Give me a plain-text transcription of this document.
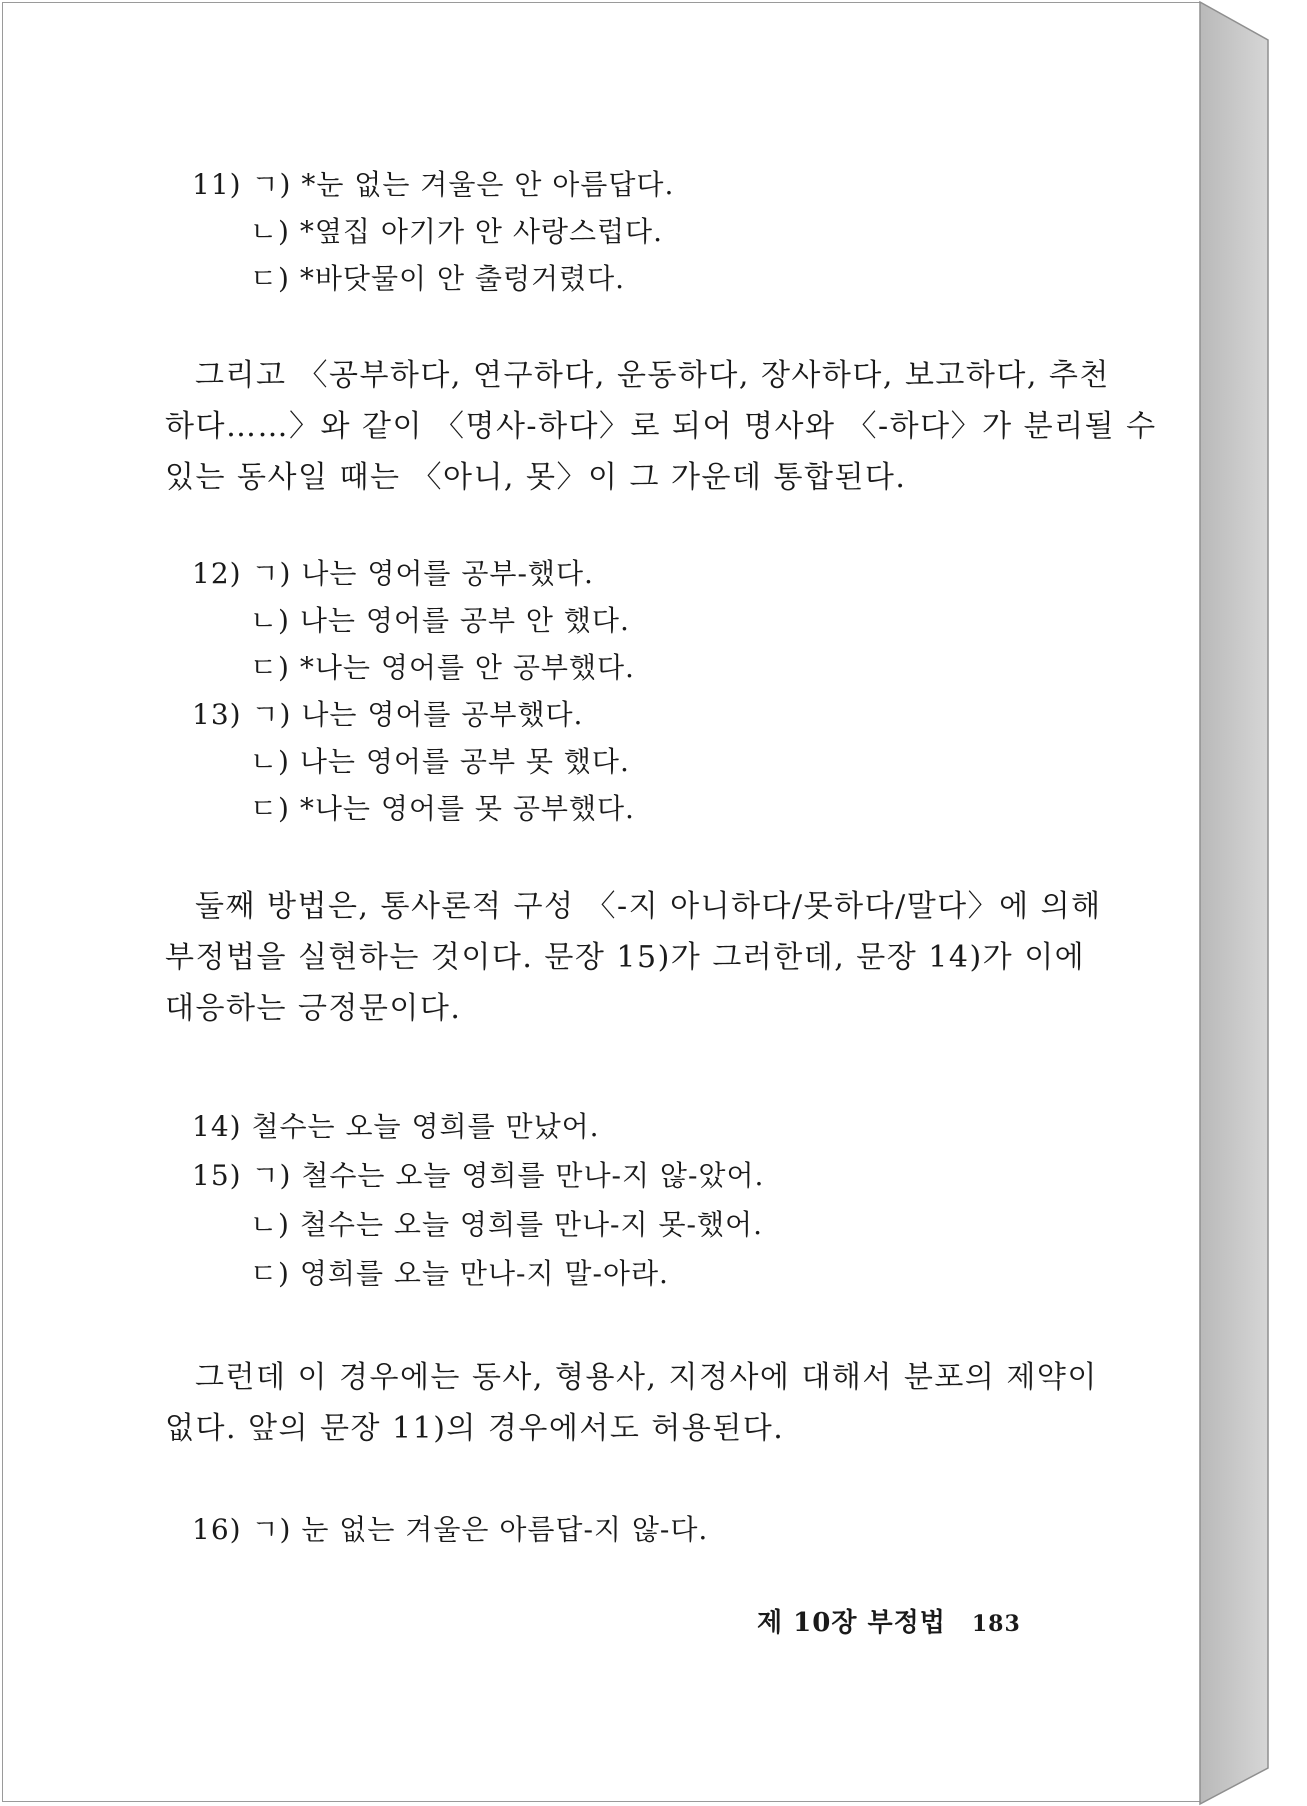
11) ㄱ) *눈 없는 겨울은 안 아름답다.
ㄴ) *옆집 아기가 안 사랑스럽다.
ㄷ) *바닷물이 안 출렁거렸다.
그리고 〈공부하다, 연구하다, 운동하다, 장사하다, 보고하다, 추천
하다……〉와 같이 〈명사-하다〉로 되어 명사와 〈-하다〉가 분리될 수
있는 동사일 때는 〈아니, 못〉이 그 가운데 통합된다.
12) ㄱ) 나는 영어를 공부-했다.
ㄴ) 나는 영어를 공부 안 했다.
ㄷ) *나는 영어를 안 공부했다.
13) ㄱ) 나는 영어를 공부했다.
ㄴ) 나는 영어를 공부 못 했다.
ㄷ) *나는 영어를 못 공부했다.
둘째 방법은, 통사론적 구성 〈-지 아니하다/못하다/말다〉에 의해
부정법을 실현하는 것이다. 문장 15)가 그러한데, 문장 14)가 이에
대응하는 긍정문이다.
14) 철수는 오늘 영희를 만났어.
15) ㄱ) 철수는 오늘 영희를 만나-지 않-았어.
ㄴ) 철수는 오늘 영희를 만나-지 못-했어.
ㄷ) 영희를 오늘 만나-지 말-아라.
그런데 이 경우에는 동사, 형용사, 지정사에 대해서 분포의 제약이
없다. 앞의 문장 11)의 경우에서도 허용된다.
16) ㄱ) 눈 없는 겨울은 아름답-지 않-다.
제 10장 부정법 183
